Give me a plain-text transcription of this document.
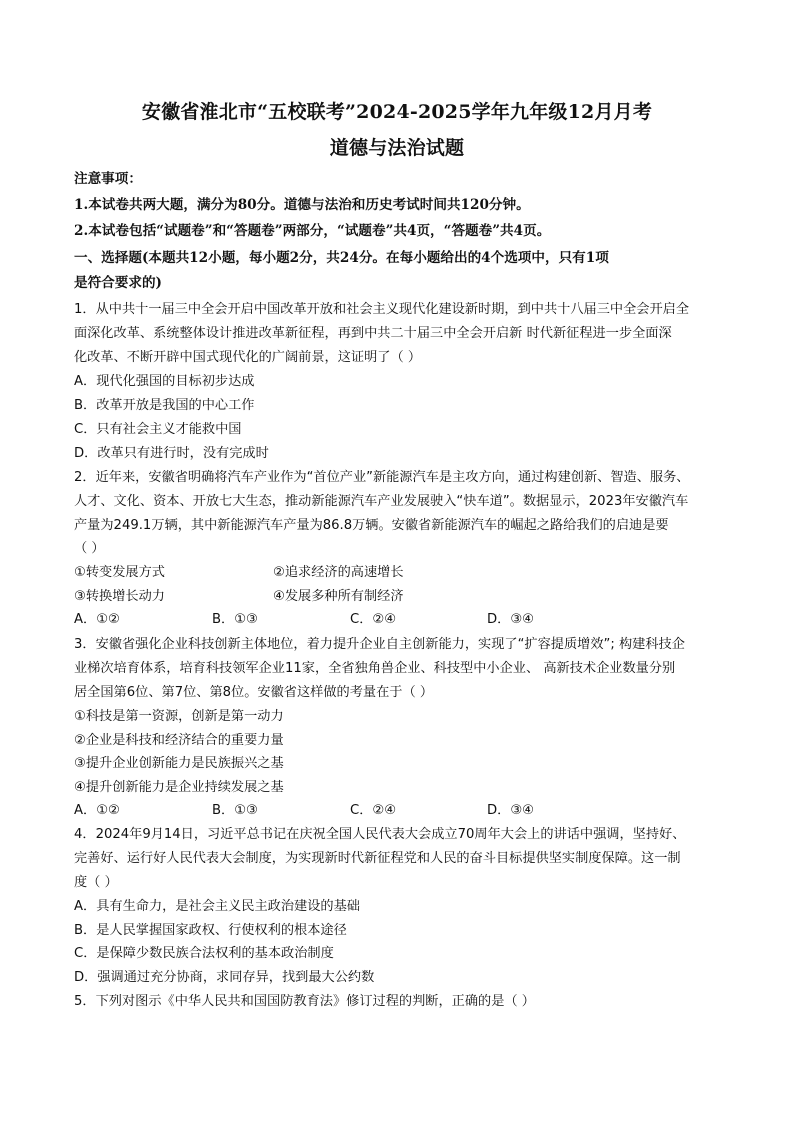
安徽省淮北市“五校联考”2024-2025学年九年级12月月考
道德与法治试题
注意事项：
1.本试卷共两大题，满分为80分。道德与法治和历史考试时间共120分钟。
2.本试卷包括“试题卷”和“答题卷”两部分，“试题卷”共4页，“答题卷”共4页。
一、选择题(本题共12小题，每小题2分，共24分。在每小题给出的4个选项中，只有1项
是符合要求的)
1．从中共十一届三中全会开启中国改革开放和社会主义现代化建设新时期，到中共十八届三中全会开启全
面深化改革、系统整体设计推进改革新征程，再到中共二十届三中全会开启新 时代新征程进一步全面深
化改革、不断开辟中国式现代化的广阔前景，这证明了（ ）
A．现代化强国的目标初步达成
B．改革开放是我国的中心工作
C．只有社会主义才能救中国
D．改革只有进行时，没有完成时
2．近年来，安徽省明确将汽车产业作为“首位产业”新能源汽车是主攻方向，通过构建创新、智造、服务、
人才、文化、资本、开放七大生态，推动新能源汽车产业发展驶入“快车道”。数据显示，2023年安徽汽车
产量为249.1万辆，其中新能源汽车产量为86.8万辆。安徽省新能源汽车的崛起之路给我们的启迪是要
（ ）
①转变发展方式	②追求经济的高速增长
③转换增长动力	④发展多种所有制经济
A．①②	B．①③	C．②④	D．③④
3．安徽省强化企业科技创新主体地位，着力提升企业自主创新能力，实现了“扩容提质增效”; 构建科技企
业梯次培育体系，培育科技领军企业11家，全省独角兽企业、科技型中小企业、 高新技术企业数量分别
居全国第6位、第7位、第8位。安徽省这样做的考量在于（ ）
①科技是第一资源，创新是第一动力
②企业是科技和经济结合的重要力量
③提升企业创新能力是民族振兴之基
④提升创新能力是企业持续发展之基
A．①②	B．①③	C．②④	D．③④
4．2024年9月14日，习近平总书记在庆祝全国人民代表大会成立70周年大会上的讲话中强调，坚持好、
完善好、运行好人民代表大会制度，为实现新时代新征程党和人民的奋斗目标提供坚实制度保障。这一制
度（ ）
A．具有生命力，是社会主义民主政治建设的基础
B．是人民掌握国家政权、行使权利的根本途径
C．是保障少数民族合法权利的基本政治制度
D．强调通过充分协商，求同存异，找到最大公约数
5．下列对图示《中华人民共和国国防教育法》修订过程的判断，正确的是（ ）
